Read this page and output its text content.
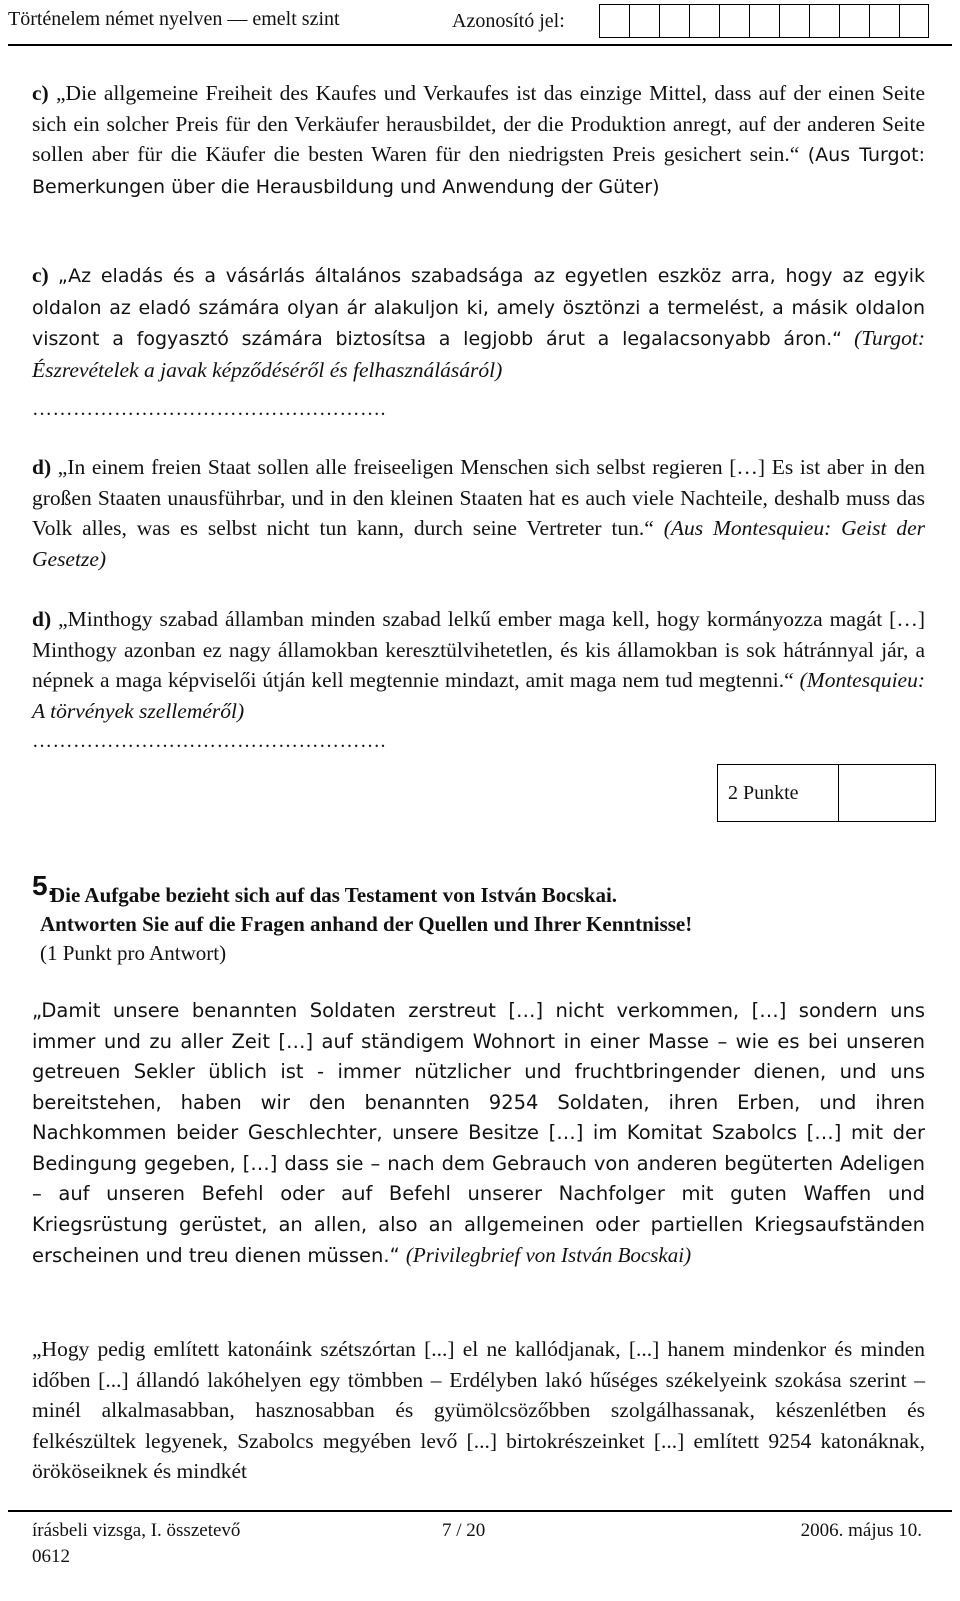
Történelem német nyelven — emelt szint	Azonosító jel:
c) „Die allgemeine Freiheit des Kaufes und Verkaufes ist das einzige Mittel, dass auf der einen Seite sich ein solcher Preis für den Verkäufer herausbildet, der die Produktion anregt, auf der anderen Seite sollen aber für die Käufer die besten Waren für den niedrigsten Preis gesichert sein.“ (Aus Turgot: Bemerkungen über die Herausbildung und Anwendung der Güter)
c) „Az eladás és a vásárlás általános szabadsága az egyetlen eszköz arra, hogy az egyik oldalon az eladó számára olyan ár alakuljon ki, amely ösztönzi a termelést, a másik oldalon viszont a fogyasztó számára biztosítsa a legjobb árut a legalacsonyabb áron.“ (Turgot: Észrevételek a javak képződéséről és felhasználásáról)
…………………………………………….
d) „In einem freien Staat sollen alle freiseeligen Menschen sich selbst regieren […] Es ist aber in den großen Staaten unausführbar, und in den kleinen Staaten hat es auch viele Nachteile, deshalb muss das Volk alles, was es selbst nicht tun kann, durch seine Vertreter tun.“ (Aus Montesquieu: Geist der Gesetze)
d) „Minthogy szabad államban minden szabad lelkű ember maga kell, hogy kormányozza magát […] Minthogy azonban ez nagy államokban keresztülvihetetlen, és kis államokban is sok hátránnyal jár, a népnek a maga képviselői útján kell megtennie mindazt, amit maga nem tud megtenni.“ (Montesquieu: A törvények szelleméről)
…………………………………………….
2 Punkte
5.
Die Aufgabe bezieht sich auf das Testament von István Bocskai.
Antworten Sie auf die Fragen anhand der Quellen und Ihrer Kenntnisse!
(1 Punkt pro Antwort)
„Damit unsere benannten Soldaten zerstreut […] nicht verkommen, […] sondern uns immer und zu aller Zeit […] auf ständigem Wohnort in einer Masse – wie es bei unseren getreuen Sekler üblich ist - immer nützlicher und fruchtbringender dienen, und uns bereitstehen, haben wir den benannten 9254 Soldaten, ihren Erben, und ihren Nachkommen beider Geschlechter, unsere Besitze […] im Komitat Szabolcs […] mit der Bedingung gegeben, […] dass sie – nach dem Gebrauch von anderen begüterten Adeligen – auf unseren Befehl oder auf Befehl unserer Nachfolger mit guten Waffen und Kriegsrüstung gerüstet, an allen, also an allgemeinen oder partiellen Kriegsaufständen erscheinen und treu dienen müssen.“ (Privilegbrief von István Bocskai)
„Hogy pedig említett katonáink szétszórtan [...] el ne kallódjanak, [...] hanem mindenkor és minden időben [...] állandó lakóhelyen egy tömbben – Erdélyben lakó hűséges székelyeink szokása szerint – minél alkalmasabban, hasznosabban és gyümölcsözőbben szolgálhassanak, készenlétben és felkészültek legyenek, Szabolcs megyében levő [...] birtokrészeinket [...] említett 9254 katonáknak, örököseiknek és mindkét
írásbeli vizsga, I. összetevő
0612
7 / 20	2006. május 10.
